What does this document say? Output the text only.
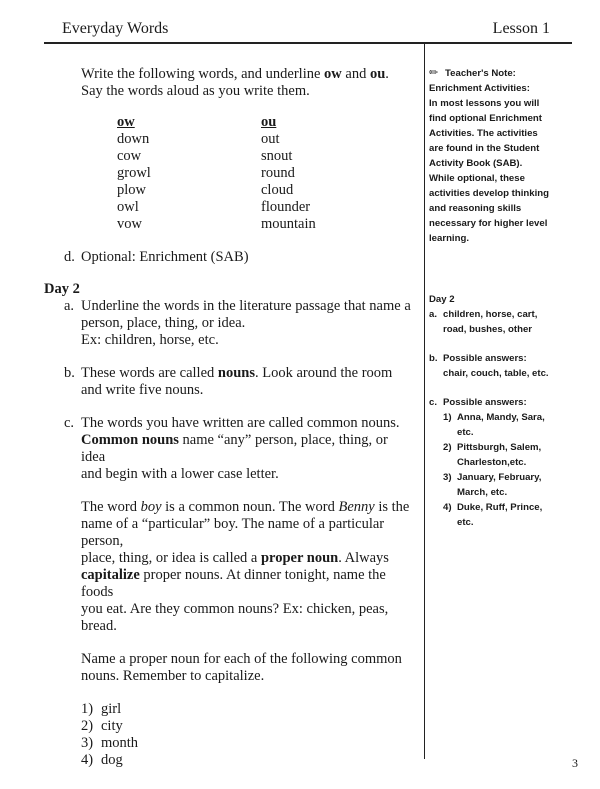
Everyday Words	Lesson 1

Write the following words, and underline ow and ou.

Say the words aloud as you write them.

ow
down
cow
growl
plow
owl
vow
ou
out
snout
round
cloud
flounder
mountain
d. Optional: Enrichment (SAB)

Day 2
a. Underline the words in the literature passage that name a

person, place, thing, or idea.

Ex: children, horse, etc.

b. These words are called nouns. Look around the room

and write five nouns.

c. The words you have written are called common nouns.

Common nouns name “any” person, place, thing, or idea

and begin with a lower case letter.

The word boy is a common noun. The word Benny is the

name of a “particular” boy. The name of a particular person,

place, thing, or idea is called a proper noun. Always

capitalize proper nouns. At dinner tonight, name the foods

you eat. Are they common nouns? Ex: chicken, peas, bread.

Name a proper noun for each of the following common

nouns. Remember to capitalize.

1) girl
2) city
3) month
4) dog

✏ Teacher's Note:

Enrichment Activities:

In most lessons you will

find optional Enrichment

Activities. The activities

are found in the Student

Activity Book (SAB).

While optional, these

activities develop thinking

and reasoning skills

necessary for higher level

learning.

Day 2

a. children, horse, cart,

road, bushes, other

b. Possible answers:

chair, couch, table, etc.

c. Possible answers:

1) Anna, Mandy, Sara,

etc.

2) Pittsburgh, Salem,

Charleston,etc.

3) January, February,

March, etc.

4) Duke, Ruff, Prince,

etc.

3
